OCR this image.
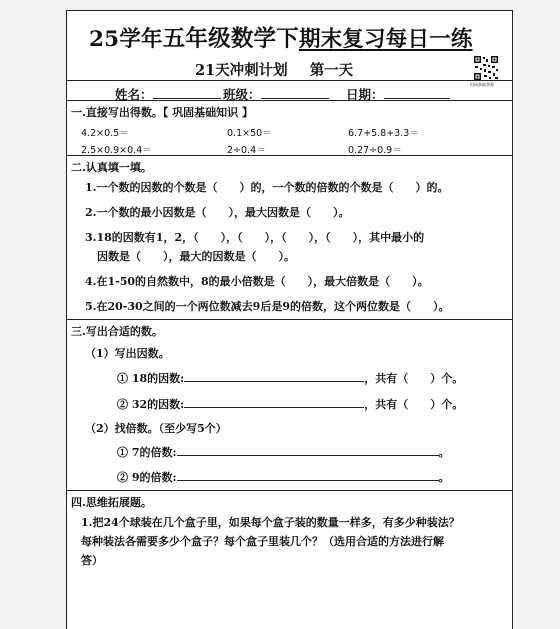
25学年五年级数学下期末复习每日一练
21天冲刺计划 第一天
扫码获取答案
姓名：	班级：	日期：
一.直接写出得数。【 巩固基础知识 】
4.2×0.5＝	0.1×50＝	6.7+5.8+3.3＝
2.5×0.9×0.4＝	2÷0.4＝	0.27÷0.9＝
二.认真填一填。
1.一个数的因数的个数是（　　）的，一个数的倍数的个数是（　　）的。
2.一个数的最小因数是（　　），最大因数是（　　）。
3.18的因数有1，2，（　　），（　　），（　　），（　　），其中最小的
因数是（　　），最大的因数是（　　）。
4.在1-50的自然数中，8的最小倍数是（　　），最大倍数是（　　）。
5.在20-30之间的一个两位数减去9后是9的倍数，这个两位数是（　　）。
三.写出合适的数。
（1）写出因数。
① 18的因数:	，共有（　　）个。
② 32的因数:	，共有（　　）个。
（2）找倍数。（至少写5个）
① 7的倍数:	。
② 9的倍数:	。
四.思维拓展题。
1.把24个球装在几个盒子里，如果每个盒子装的数量一样多，有多少种装法？
每种装法各需要多少个盒子？每个盒子里装几个？（选用合适的方法进行解
答）
